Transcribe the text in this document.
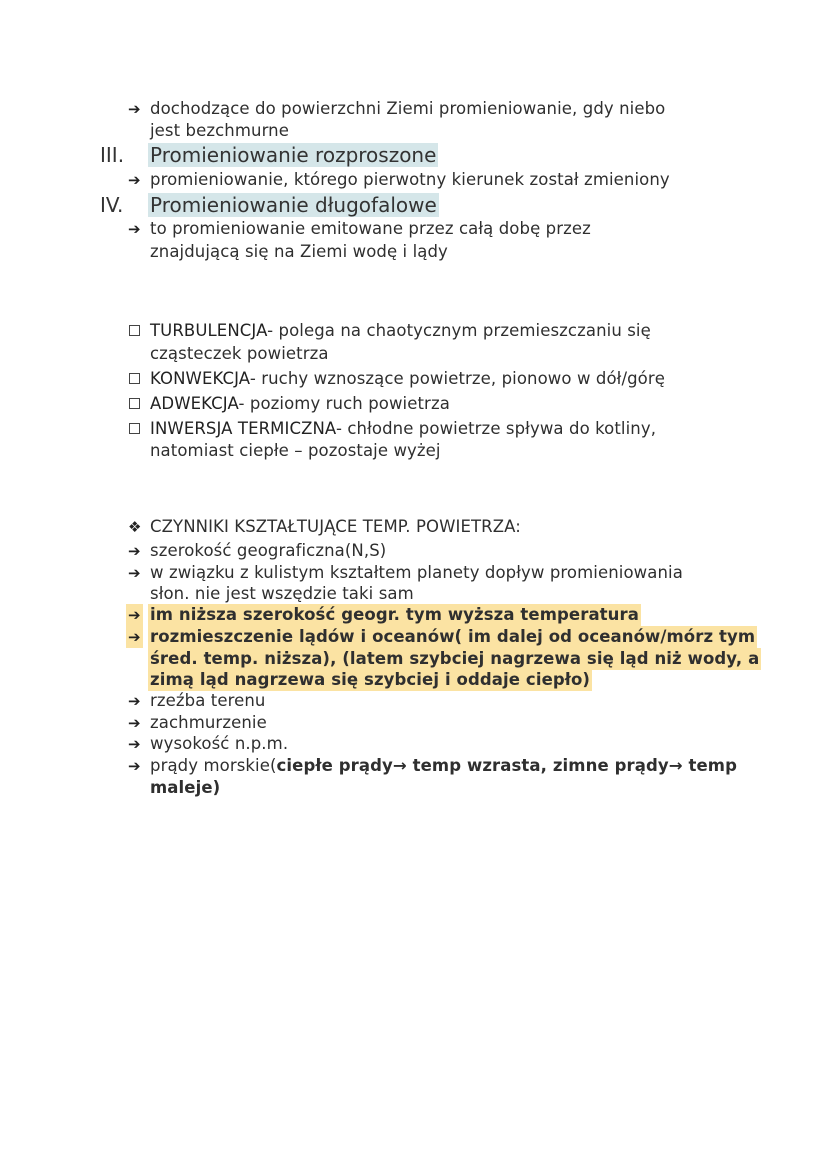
➔ dochodzące do powierzchni Ziemi promieniowanie, gdy niebo
jest bezchmurne
III. Promieniowanie rozproszone
➔ promieniowanie, którego pierwotny kierunek został zmieniony
IV. Promieniowanie długofalowe
➔ to promieniowanie emitowane przez całą dobę przez
znajdującą się na Ziemi wodę i lądy
TURBULENCJA- polega na chaotycznym przemieszczaniu się
cząsteczek powietrza
KONWEKCJA- ruchy wznoszące powietrze, pionowo w dół/górę
ADWEKCJA- poziomy ruch powietrza
INWERSJA TERMICZNA- chłodne powietrze spływa do kotliny,
natomiast ciepłe – pozostaje wyżej
❖ CZYNNIKI KSZTAŁTUJĄCE TEMP. POWIETRZA:
➔ szerokość geograficzna(N,S)
➔ w związku z kulistym kształtem planety dopływ promieniowania
słon. nie jest wszędzie taki sam
➔ im niższa szerokość geogr. tym wyższa temperatura
➔ rozmieszczenie lądów i oceanów( im dalej od oceanów/mórz tym
śred. temp. niższa), (latem szybciej nagrzewa się ląd niż wody, a
zimą ląd nagrzewa się szybciej i oddaje ciepło)
➔ rzeźba terenu
➔ zachmurzenie
➔ wysokość n.p.m.
➔ prądy morskie(ciepłe prądy→ temp wzrasta, zimne prądy→ temp
maleje)
